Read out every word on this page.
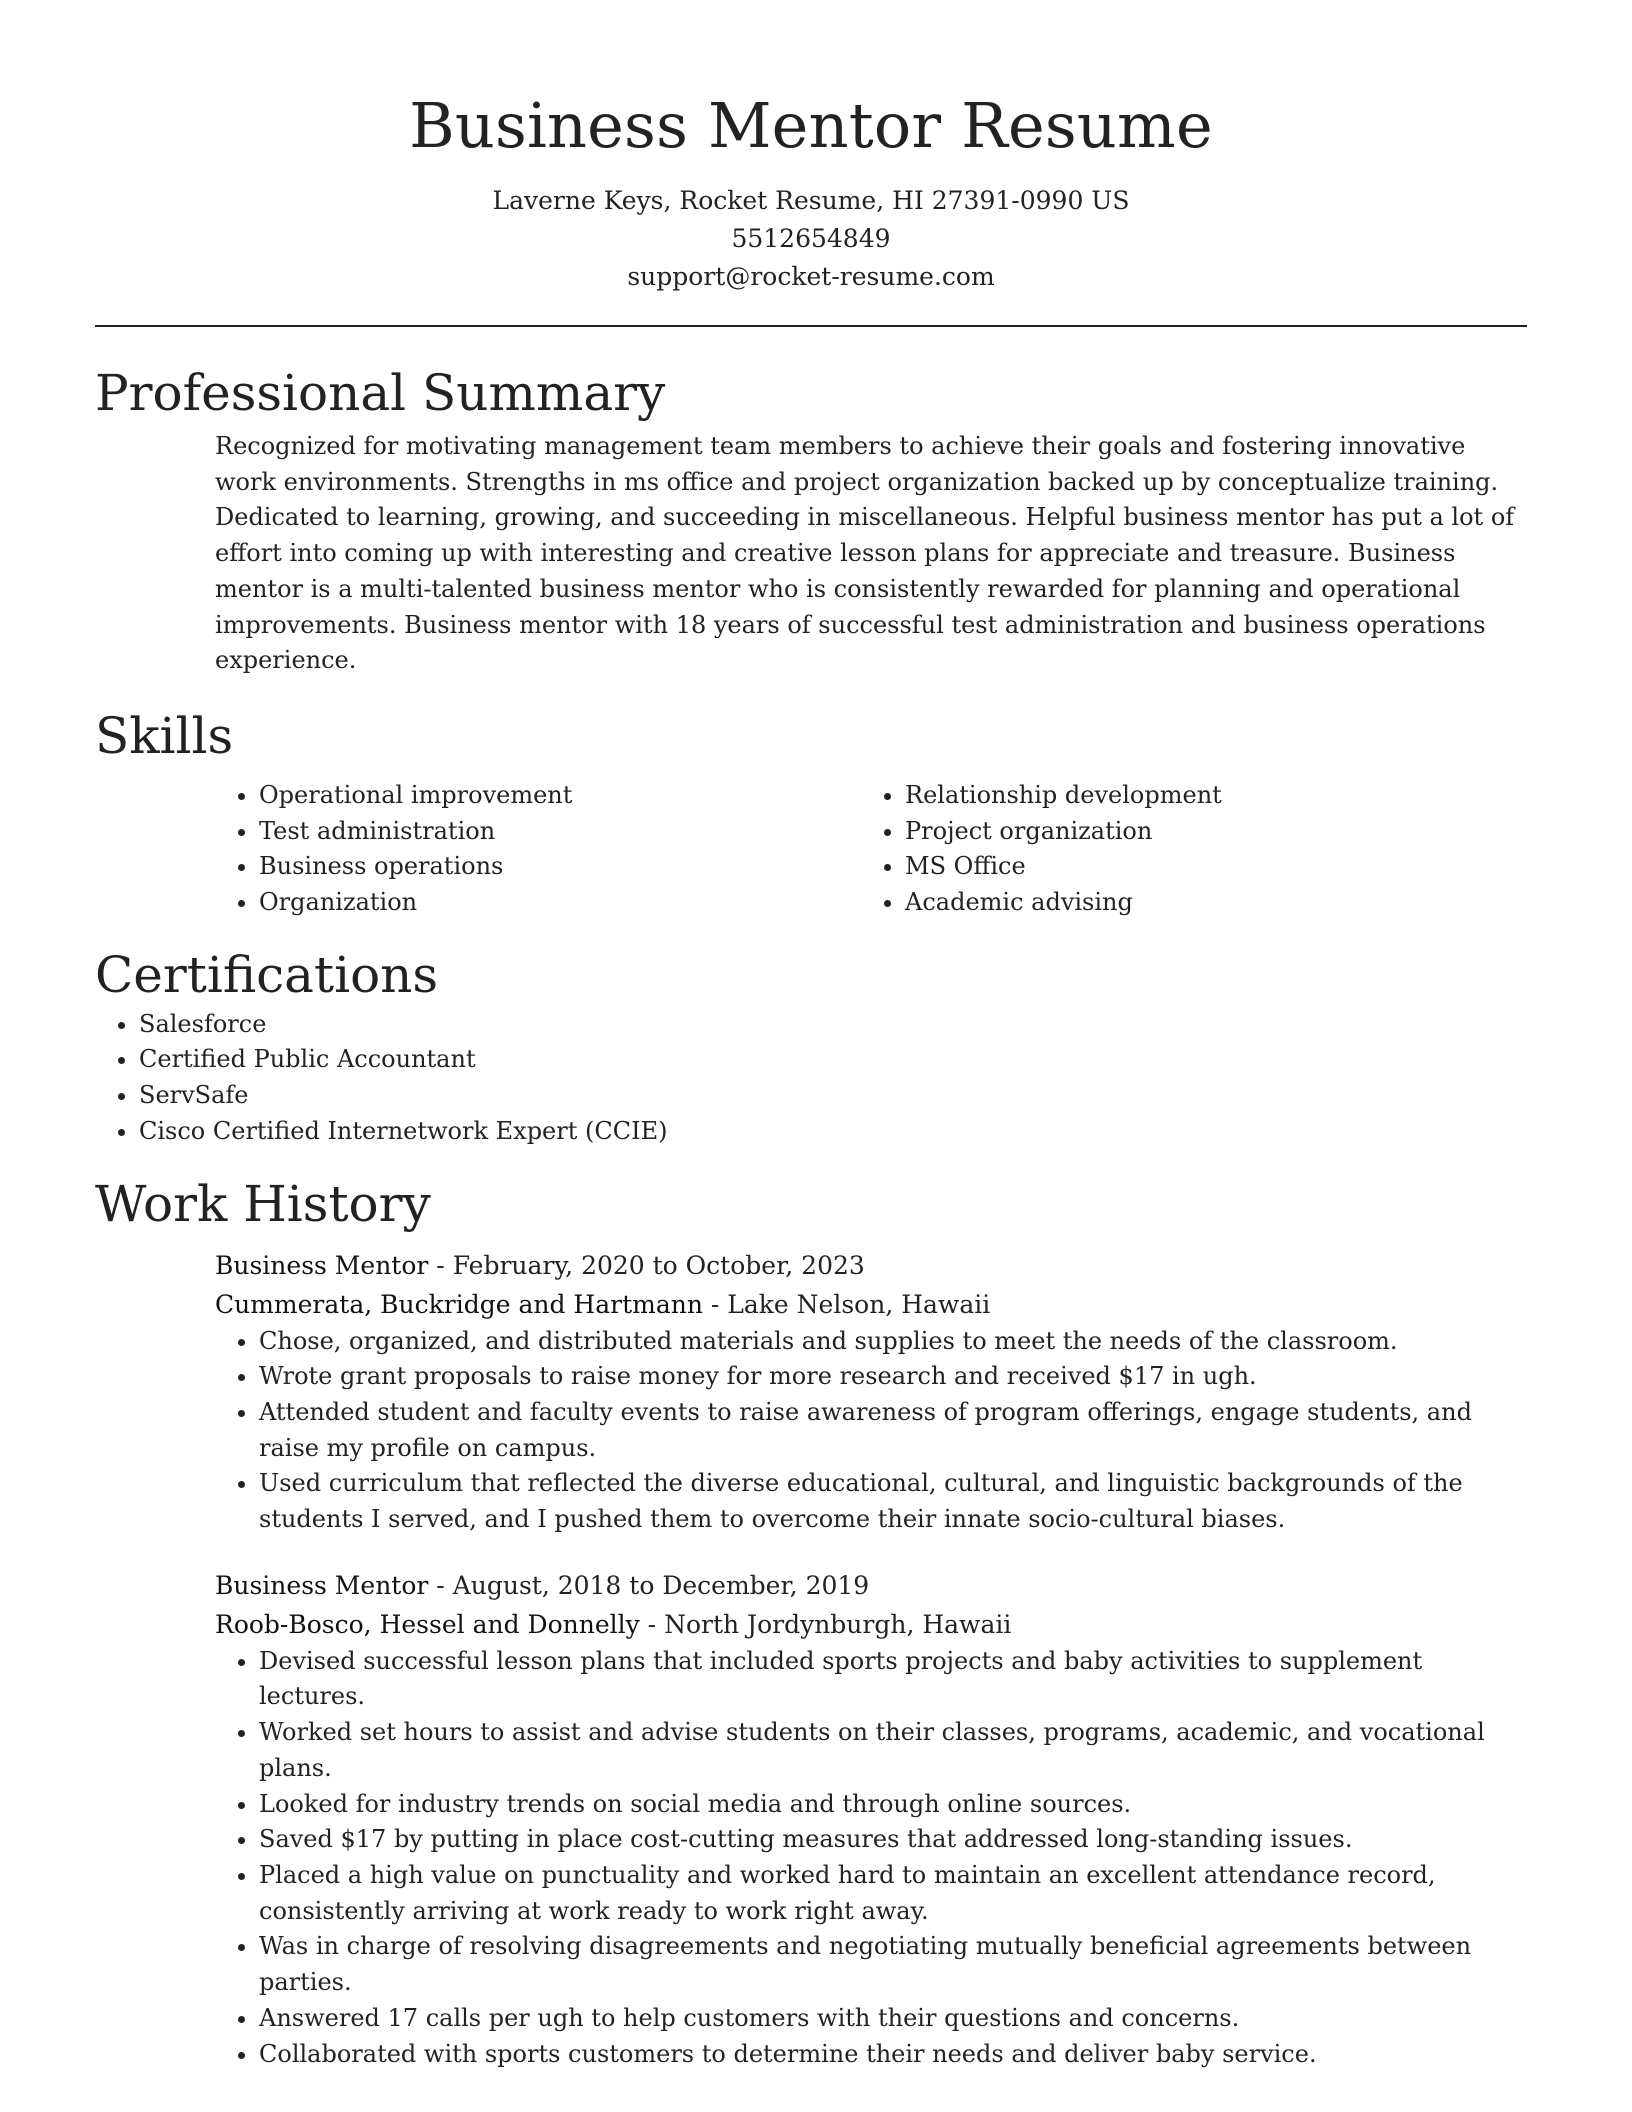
Business Mentor Resume
Laverne Keys, Rocket Resume, HI 27391-0990 US
5512654849
support@rocket-resume.com
Professional Summary

Recognized for motivating management team members to achieve their goals and fostering innovative work environments. Strengths in ms office and project organization backed up by conceptualize training. Dedicated to learning, growing, and succeeding in miscellaneous. Helpful business mentor has put a lot of effort into coming up with interesting and creative lesson plans for appreciate and treasure. Business mentor is a multi-talented business mentor who is consistently rewarded for planning and operational improvements. Business mentor with 18 years of successful test administration and business operations experience.

Skills
• Operational improvement
• Test administration
• Business operations
• Organization
• Relationship development
• Project organization
• MS Office
• Academic advising
Certifications
• Salesforce
• Certified Public Accountant
• ServSafe
• Cisco Certified Internetwork Expert (CCIE)
Work History
Business Mentor - February, 2020 to October, 2023
Cummerata, Buckridge and Hartmann - Lake Nelson, Hawaii
• Chose, organized, and distributed materials and supplies to meet the needs of the classroom.
• Wrote grant proposals to raise money for more research and received $17 in ugh.
• Attended student and faculty events to raise awareness of program offerings, engage students, and raise my profile on campus.
• Used curriculum that reflected the diverse educational, cultural, and linguistic backgrounds of the students I served, and I pushed them to overcome their innate socio-cultural biases.
Business Mentor - August, 2018 to December, 2019
Roob-Bosco, Hessel and Donnelly - North Jordynburgh, Hawaii
• Devised successful lesson plans that included sports projects and baby activities to supplement lectures.
• Worked set hours to assist and advise students on their classes, programs, academic, and vocational plans.
• Looked for industry trends on social media and through online sources.
• Saved $17 by putting in place cost-cutting measures that addressed long-standing issues.
• Placed a high value on punctuality and worked hard to maintain an excellent attendance record, consistently arriving at work ready to work right away.
• Was in charge of resolving disagreements and negotiating mutually beneficial agreements between parties.
• Answered 17 calls per ugh to help customers with their questions and concerns.
• Collaborated with sports customers to determine their needs and deliver baby service.
